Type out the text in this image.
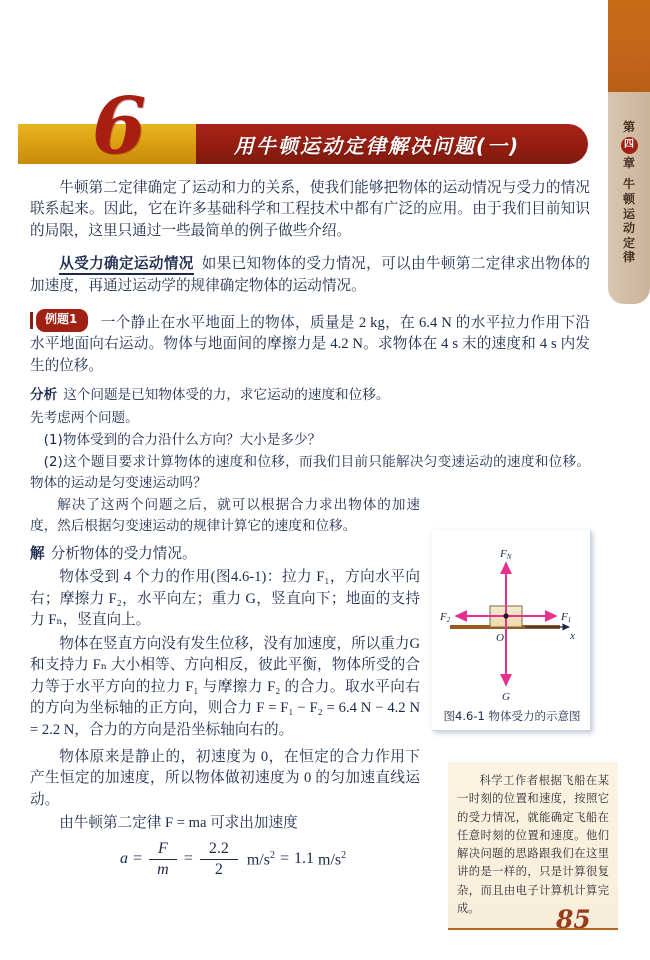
第
四
章
牛
顿
运
动
定
律
用牛顿运动定律解决问题(一)
6

牛顿第二定律确定了运动和力的关系，使我们能够把物体的运动情况与受力的情况联系起来。因此，它在许多基础科学和工程技术中都有广泛的应用。由于我们目前知识的局限，这里只通过一些最简单的例子做些介绍。

从受力确定运动情况 如果已知物体的受力情况，可以由牛顿第二定律求出物体的加速度，再通过运动学的规律确定物体的运动情况。

例题1	一个静止在水平地面上的物体，质量是 2 kg，在 6.4 N 的水平拉力作用下沿水平地面向右运动。物体与地面间的摩擦力是 4.2 N。求物体在 4 s 末的速度和 4 s 内发生的位移。

分析 这个问题是已知物体受的力，求它运动的速度和位移。

先考虑两个问题。

(1)物体受到的合力沿什么方向？大小是多少？

(2)这个题目要求计算物体的速度和位移，而我们目前只能解决匀变速运动的速度和位移。物体的运动是匀变速运动吗？

解决了这两个问题之后，就可以根据合力求出物体的加速度，然后根据匀变速运动的规律计算它的速度和位移。

解 分析物体的受力情况。

物体受到 4 个力的作用(图4.6-1)：拉力 F₁，方向水平向右；摩擦力 F₂，水平向左；重力 G，竖直向下；地面的支持力 Fₙ，竖直向上。

物体在竖直方向没有发生位移，没有加速度，所以重力G和支持力 Fₙ 大小相等、方向相反，彼此平衡，物体所受的合力等于水平方向的拉力 F₁ 与摩擦力 F₂ 的合力。取水平向右的方向为坐标轴的正方向，则合力 F = F₁ − F₂ = 6.4 N − 4.2 N = 2.2 N，合力的方向是沿坐标轴向右的。

物体原来是静止的，初速度为 0，在恒定的合力作用下产生恒定的加速度，所以物体做初速度为 0 的匀加速直线运动。

由牛顿第二定律 F = ma 可求出加速度

$a = \frac{F}{m} = \frac{2.2}{2} m/s^2 = 1.1$ $m/s^2$
FN
G
F1
F2
O	x
图4.6-1 物体受力的示意图

科学工作者根据飞船在某一时刻的位置和速度，按照它的受力情况，就能确定飞船在任意时刻的位置和速度。他们解决问题的思路跟我们在这里讲的是一样的，只是计算很复杂，而且由电子计算机计算完成。	85
